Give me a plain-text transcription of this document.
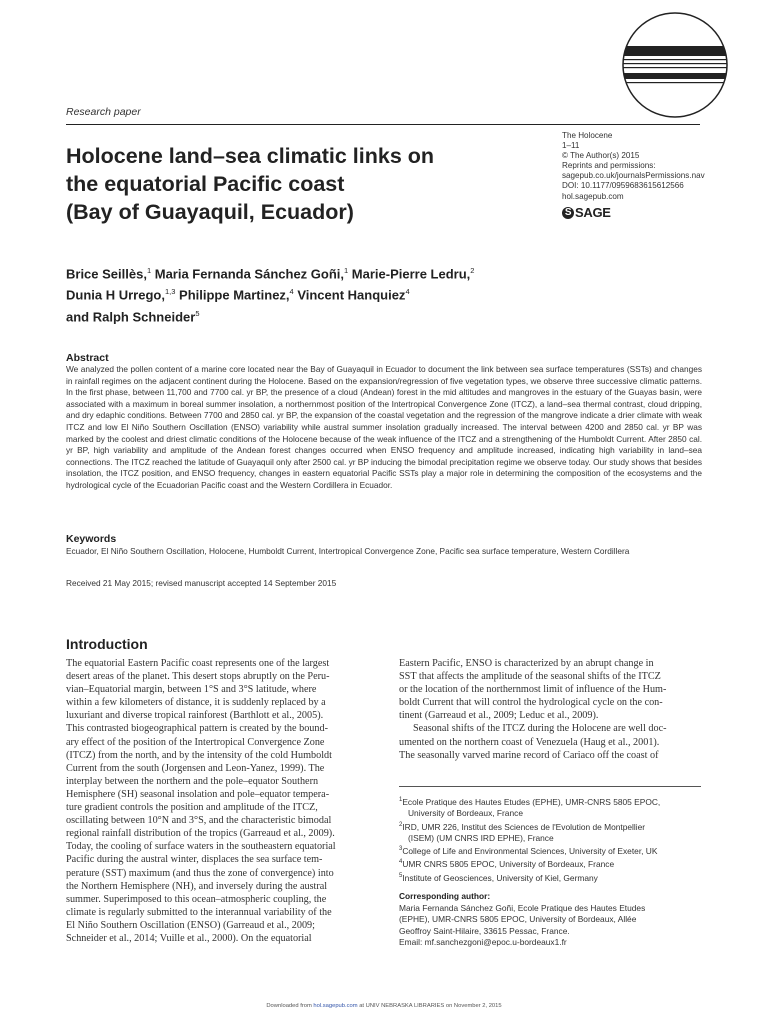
Research paper
The Holocene
1–11
© The Author(s) 2015
Reprints and permissions:
sagepub.co.uk/journalsPermissions.nav
DOI: 10.1177/0959683615612566
hol.sagepub.com
S SAGE
Holocene land–sea climatic links on
the equatorial Pacific coast
(Bay of Guayaquil, Ecuador)
Brice Seillès,$^1$ Maria Fernanda Sánchez Goñi,$^1$ Marie-Pierre Ledru,$^2$
Dunia H Urrego,$^{1,3}$ Philippe Martinez,$^4$ Vincent Hanquiez$^4$
and Ralph Schneider$^5$
Abstract
We analyzed the pollen content of a marine core located near the Bay of Guayaquil in Ecuador to document the link between sea surface temperatures (SSTs) and changes in rainfall regimes on the adjacent continent during the Holocene. Based on the expansion/regression of five vegetation types, we observe three successive climatic patterns. In the first phase, between 11,700 and 7700 cal. yr BP, the presence of a cloud (Andean) forest in the mid altitudes and mangroves in the estuary of the Guayas basin, were associated with a maximum in boreal summer insolation, a northernmost position of the Intertropical Convergence Zone (ITCZ), a land–sea thermal contrast, cloud dripping, and dry edaphic conditions. Between 7700 and 2850 cal. yr BP, the expansion of the coastal vegetation and the regression of the mangrove indicate a drier climate with weak ITCZ and low El Niño Southern Oscillation (ENSO) variability while austral summer insolation gradually increased. The interval between 4200 and 2850 cal. yr BP was marked by the coolest and driest climatic conditions of the Holocene because of the weak influence of the ITCZ and a strengthening of the Humboldt Current. After 2850 cal. yr BP, high variability and amplitude of the Andean forest changes occurred when ENSO frequency and amplitude increased, indicating high variability in land–sea connections. The ITCZ reached the latitude of Guayaquil only after 2500 cal. yr BP inducing the bimodal precipitation regime we observe today. Our study shows that besides insolation, the ITCZ position, and ENSO frequency, changes in eastern equatorial Pacific SSTs play a major role in determining the composition of the ecosystems and the hydrological cycle of the Ecuadorian Pacific coast and the Western Cordillera in Ecuador.
Keywords
Ecuador, El Niño Southern Oscillation, Holocene, Humboldt Current, Intertropical Convergence Zone, Pacific sea surface temperature, Western Cordillera
Received 21 May 2015; revised manuscript accepted 14 September 2015
Introduction
The equatorial Eastern Pacific coast represents one of the largest
desert areas of the planet. This desert stops abruptly on the Peru-
vian–Equatorial margin, between 1°S and 3°S latitude, where
within a few kilometers of distance, it is suddenly replaced by a
luxuriant and diverse tropical rainforest (Barthlott et al., 2005).
This contrasted biogeographical pattern is created by the bound-
ary effect of the position of the Intertropical Convergence Zone
(ITCZ) from the north, and by the intensity of the cold Humboldt
Current from the south (Jorgensen and Leon-Yanez, 1999). The
interplay between the northern and the pole–equator Southern
Hemisphere (SH) seasonal insolation and pole–equator tempera-
ture gradient controls the position and amplitude of the ITCZ,
oscillating between 10°N and 3°S, and the characteristic bimodal
regional rainfall distribution of the tropics (Garreaud et al., 2009).
Today, the cooling of surface waters in the southeastern equatorial
Pacific during the austral winter, displaces the sea surface tem-
perature (SST) maximum (and thus the zone of convergence) into
the Northern Hemisphere (NH), and inversely during the austral
summer. Superimposed to this ocean–atmospheric coupling, the
climate is regularly submitted to the interannual variability of the
El Niño Southern Oscillation (ENSO) (Garreaud et al., 2009;
Schneider et al., 2014; Vuille et al., 2000). On the equatorial
Eastern Pacific, ENSO is characterized by an abrupt change in
SST that affects the amplitude of the seasonal shifts of the ITCZ
or the location of the northernmost limit of influence of the Hum-
boldt Current that will control the hydrological cycle on the con-
tinent (Garreaud et al., 2009; Leduc et al., 2009).
Seasonal shifts of the ITCZ during the Holocene are well doc-
umented on the northern coast of Venezuela (Haug et al., 2001).
The seasonally varved marine record of Cariaco off the coast of
$^1$Ecole Pratique des Hautes Etudes (EPHE), UMR-CNRS 5805 EPOC,
University of Bordeaux, France
$^2$IRD, UMR 226, Institut des Sciences de l'Evolution de Montpellier
(ISEM) (UM CNRS IRD EPHE), France
$^3$College of Life and Environmental Sciences, University of Exeter, UK
$^4$UMR CNRS 5805 EPOC, University of Bordeaux, France
$^5$Institute of Geosciences, University of Kiel, Germany
Corresponding author:
Maria Fernanda Sánchez Goñi, Ecole Pratique des Hautes Etudes
(EPHE), UMR-CNRS 5805 EPOC, University of Bordeaux, Allée
Geoffroy Saint-Hilaire, 33615 Pessac, France.
Email: mf.sanchezgoni@epoc.u-bordeaux1.fr
Downloaded from hol.sagepub.com at UNIV NEBRASKA LIBRARIES on November 2, 2015
